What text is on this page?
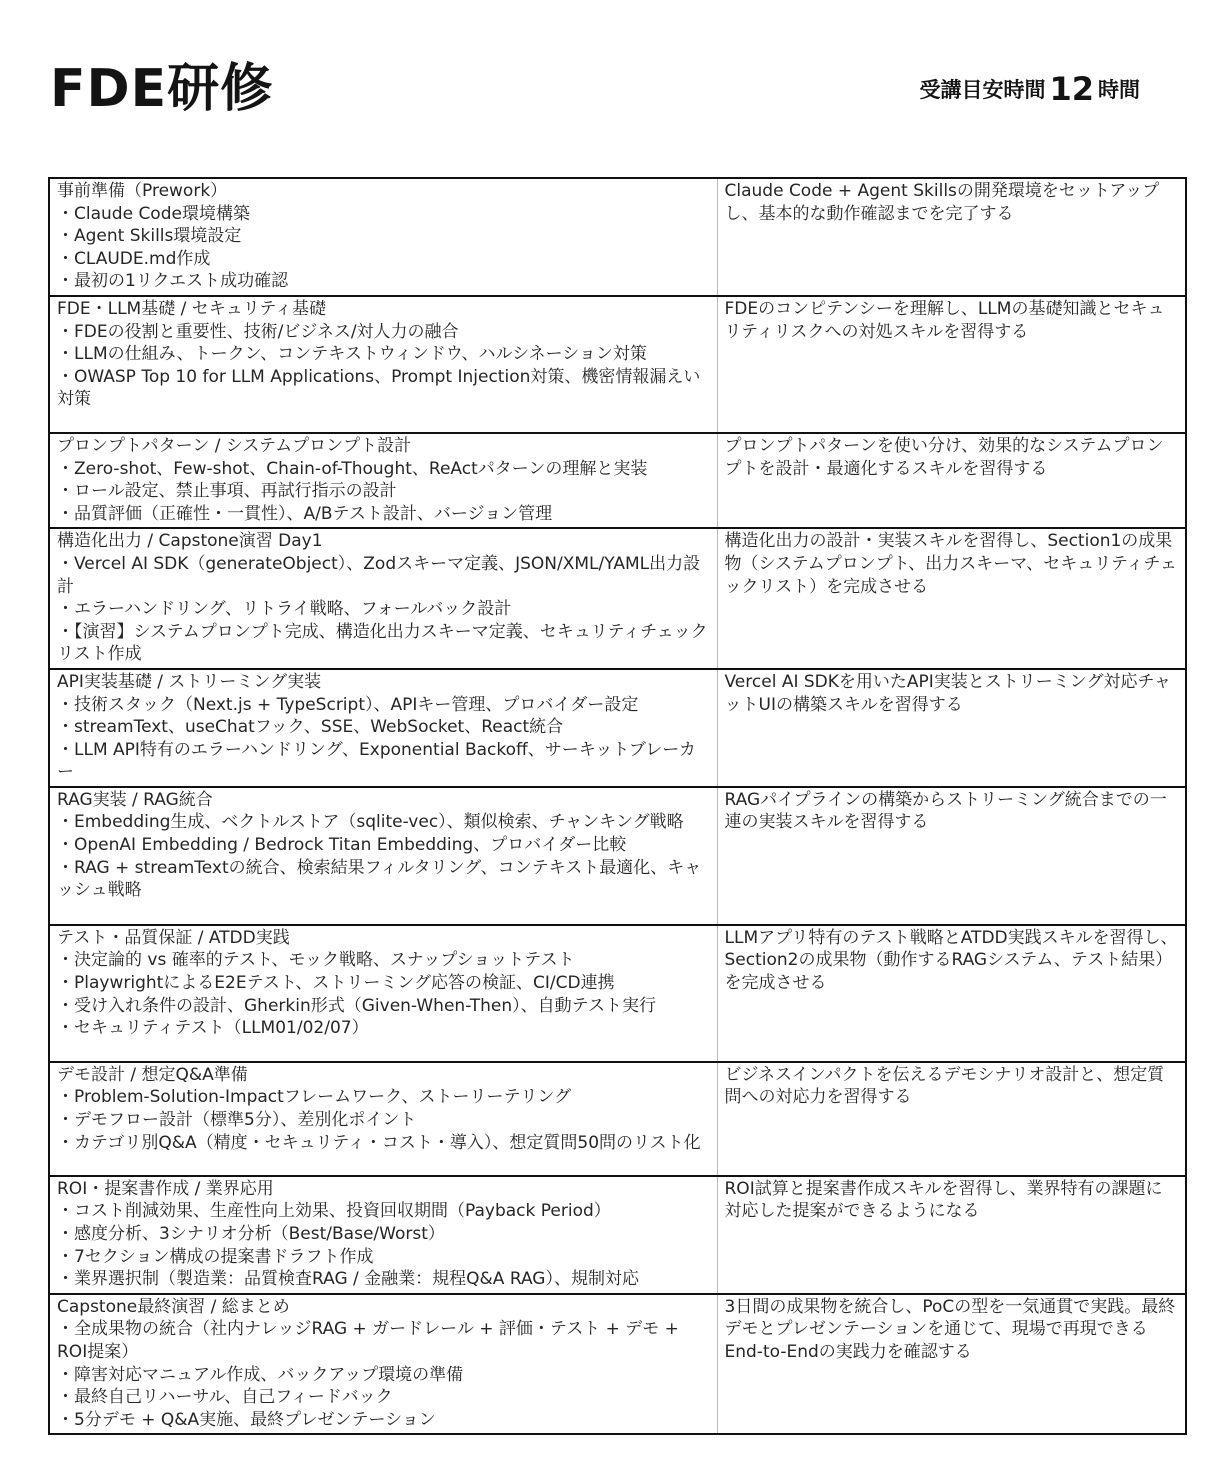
FDE研修	受講目安時間 12 時間
事前準備（Prework）
・Claude Code環境構築
・Agent Skills環境設定
・CLAUDE.md作成
・最初の1リクエスト成功確認	Claude Code + Agent Skillsの開発環境をセットアップし、基本的な動作確認までを完了する

FDE・LLM基礎 / セキュリティ基礎
・FDEの役割と重要性、技術/ビジネス/対人力の融合
・LLMの仕組み、トークン、コンテキストウィンドウ、ハルシネーション対策
・OWASP Top 10 for LLM Applications、Prompt Injection対策、機密情報漏えい対策	FDEのコンピテンシーを理解し、LLMの基礎知識とセキュリティリスクへの対処スキルを習得する

プロンプトパターン / システムプロンプト設計
・Zero-shot、Few-shot、Chain-of-Thought、ReActパターンの理解と実装
・ロール設定、禁止事項、再試行指示の設計
・品質評価（正確性・一貫性）、A/Bテスト設計、バージョン管理	プロンプトパターンを使い分け、効果的なシステムプロンプトを設計・最適化するスキルを習得する

構造化出力 / Capstone演習 Day1
・Vercel AI SDK（generateObject）、Zodスキーマ定義、JSON/XML/YAML出力設計
・エラーハンドリング、リトライ戦略、フォールバック設計
・【演習】システムプロンプト完成、構造化出力スキーマ定義、セキュリティチェックリスト作成	構造化出力の設計・実装スキルを習得し、Section1の成果物（システムプロンプト、出力スキーマ、セキュリティチェックリスト）を完成させる

API実装基礎 / ストリーミング実装
・技術スタック（Next.js + TypeScript）、APIキー管理、プロバイダー設定
・streamText、useChatフック、SSE、WebSocket、React統合
・LLM API特有のエラーハンドリング、Exponential Backoff、サーキットブレーカー	Vercel AI SDKを用いたAPI実装とストリーミング対応チャットUIの構築スキルを習得する

RAG実装 / RAG統合
・Embedding生成、ベクトルストア（sqlite-vec）、類似検索、チャンキング戦略
・OpenAI Embedding / Bedrock Titan Embedding、プロバイダー比較
・RAG + streamTextの統合、検索結果フィルタリング、コンテキスト最適化、キャッシュ戦略	RAGパイプラインの構築からストリーミング統合までの一連の実装スキルを習得する

テスト・品質保証 / ATDD実践
・決定論的 vs 確率的テスト、モック戦略、スナップショットテスト
・PlaywrightによるE2Eテスト、ストリーミング応答の検証、CI/CD連携
・受け入れ条件の設計、Gherkin形式（Given-When-Then）、自動テスト実行
・セキュリティテスト（LLM01/02/07）	LLMアプリ特有のテスト戦略とATDD実践スキルを習得し、Section2の成果物（動作するRAGシステム、テスト結果）を完成させる

デモ設計 / 想定Q&A準備
・Problem-Solution-Impactフレームワーク、ストーリーテリング
・デモフロー設計（標準5分）、差別化ポイント
・カテゴリ別Q&A（精度・セキュリティ・コスト・導入）、想定質問50問のリスト化	ビジネスインパクトを伝えるデモシナリオ設計と、想定質問への対応力を習得する

ROI・提案書作成 / 業界応用
・コスト削減効果、生産性向上効果、投資回収期間（Payback Period）
・感度分析、3シナリオ分析（Best/Base/Worst）
・7セクション構成の提案書ドラフト作成
・業界選択制（製造業：品質検査RAG / 金融業：規程Q&A RAG）、規制対応	ROI試算と提案書作成スキルを習得し、業界特有の課題に対応した提案ができるようになる

Capstone最終演習 / 総まとめ
・全成果物の統合（社内ナレッジRAG + ガードレール + 評価・テスト + デモ + ROI提案）
・障害対応マニュアル作成、バックアップ環境の準備
・最終自己リハーサル、自己フィードバック
・5分デモ + Q&A実施、最終プレゼンテーション	3日間の成果物を統合し、PoCの型を一気通貫で実践。最終デモとプレゼンテーションを通じて、現場で再現できるEnd-to-Endの実践力を確認する
